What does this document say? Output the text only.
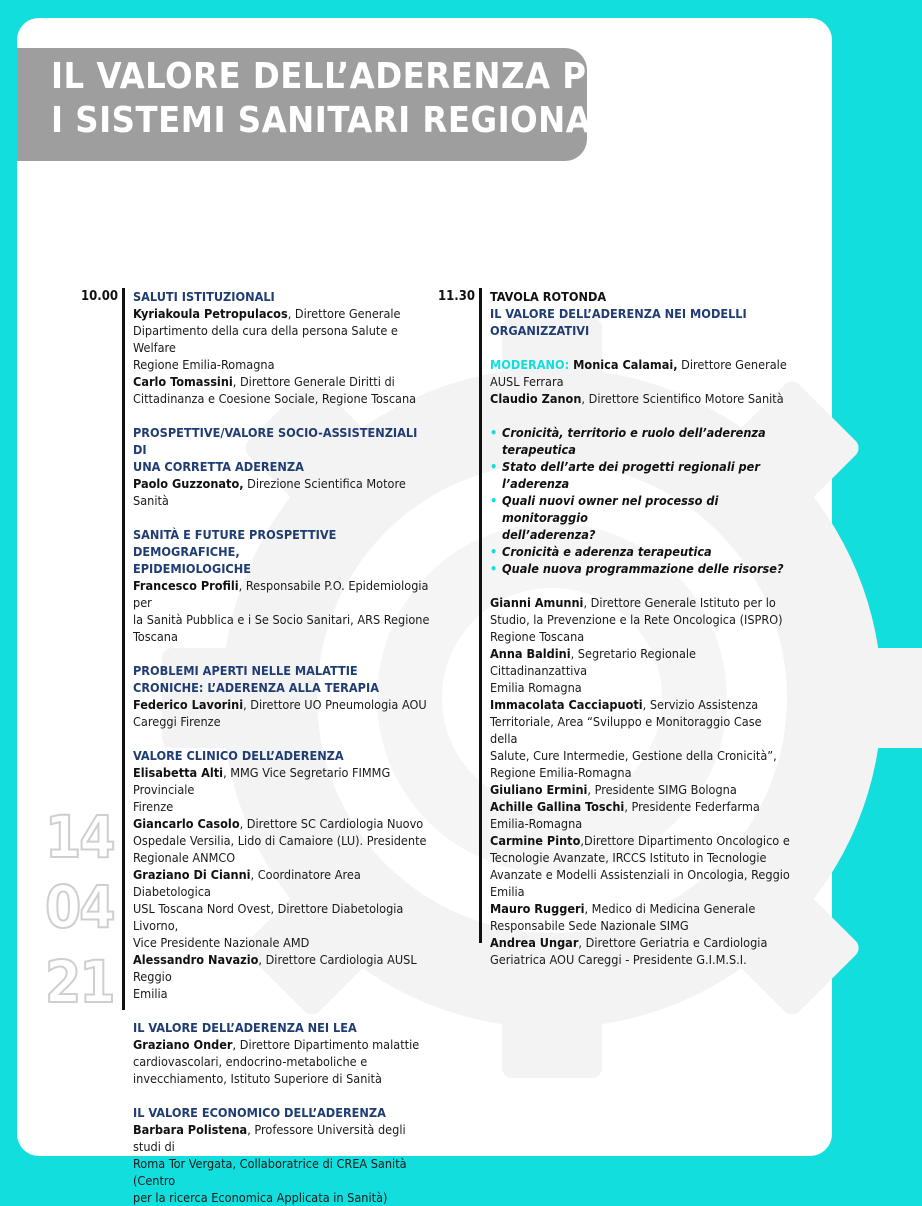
IL VALORE DELL’ADERENZA PER
I SISTEMI SANITARI REGIONALI
14
04
21
10.00 SALUTI ISTITUZIONALI

Kyriakoula Petropulacos, Direttore Generale

Dipartimento della cura della persona Salute e Welfare

Regione Emilia-Romagna

Carlo Tomassini, Direttore Generale Diritti di

Cittadinanza e Coesione Sociale, Regione Toscana

PROSPETTIVE/VALORE SOCIO-ASSISTENZIALI DI

UNA CORRETTA ADERENZA

Paolo Guzzonato, Direzione Scientifica Motore Sanità

SANITÀ E FUTURE PROSPETTIVE DEMOGRAFICHE,

EPIDEMIOLOGICHE

Francesco Profili, Responsabile P.O. Epidemiologia per

la Sanità Pubblica e i Se Socio Sanitari, ARS Regione

Toscana

PROBLEMI APERTI NELLE MALATTIE

CRONICHE: L’ADERENZA ALLA TERAPIA

Federico Lavorini, Direttore UO Pneumologia AOU

Careggi Firenze

VALORE CLINICO DELL’ADERENZA

Elisabetta Alti, MMG Vice Segretario FIMMG Provinciale

Firenze

Giancarlo Casolo, Direttore SC Cardiologia Nuovo

Ospedale Versilia, Lido di Camaiore (LU). Presidente

Regionale ANMCO

Graziano Di Cianni, Coordinatore Area Diabetologica

USL Toscana Nord Ovest, Direttore Diabetologia Livorno,

Vice Presidente Nazionale AMD

Alessandro Navazio, Direttore Cardiologia AUSL Reggio

Emilia

IL VALORE DELL’ADERENZA NEI LEA

Graziano Onder, Direttore Dipartimento malattie

cardiovascolari, endocrino-metaboliche e

invecchiamento, Istituto Superiore di Sanità

IL VALORE ECONOMICO DELL’ADERENZA

Barbara Polistena, Professore Università degli studi di

Roma Tor Vergata, Collaboratrice di CREA Sanità (Centro

per la ricerca Economica Applicata in Sanità)

11.30 TAVOLA ROTONDA

IL VALORE DELL’ADERENZA NEI MODELLI

ORGANIZZATIVI

MODERANO: Monica Calamai, Direttore Generale

AUSL Ferrara

Claudio Zanon, Direttore Scientifico Motore Sanità

• Cronicità, territorio e ruolo dell’aderenza

terapeutica

• Stato dell’arte dei progetti regionali per

l’aderenza

• Quali nuovi owner nel processo di monitoraggio

dell’aderenza?

• Cronicità e aderenza terapeutica

• Quale nuova programmazione delle risorse?

Gianni Amunni, Direttore Generale Istituto per lo

Studio, la Prevenzione e la Rete Oncologica (ISPRO)

Regione Toscana

Anna Baldini, Segretario Regionale Cittadinanzattiva

Emilia Romagna

Immacolata Cacciapuoti, Servizio Assistenza

Territoriale, Area “Sviluppo e Monitoraggio Case della

Salute, Cure Intermedie, Gestione della Cronicità”,

Regione Emilia-Romagna

Giuliano Ermini, Presidente SIMG Bologna

Achille Gallina Toschi, Presidente Federfarma

Emilia-Romagna

Carmine Pinto,Direttore Dipartimento Oncologico e

Tecnologie Avanzate, IRCCS Istituto in Tecnologie

Avanzate e Modelli Assistenziali in Oncologia, Reggio

Emilia

Mauro Ruggeri, Medico di Medicina Generale

Responsabile Sede Nazionale SIMG

Andrea Ungar, Direttore Geriatria e Cardiologia

Geriatrica AOU Careggi - Presidente G.I.M.S.I.
